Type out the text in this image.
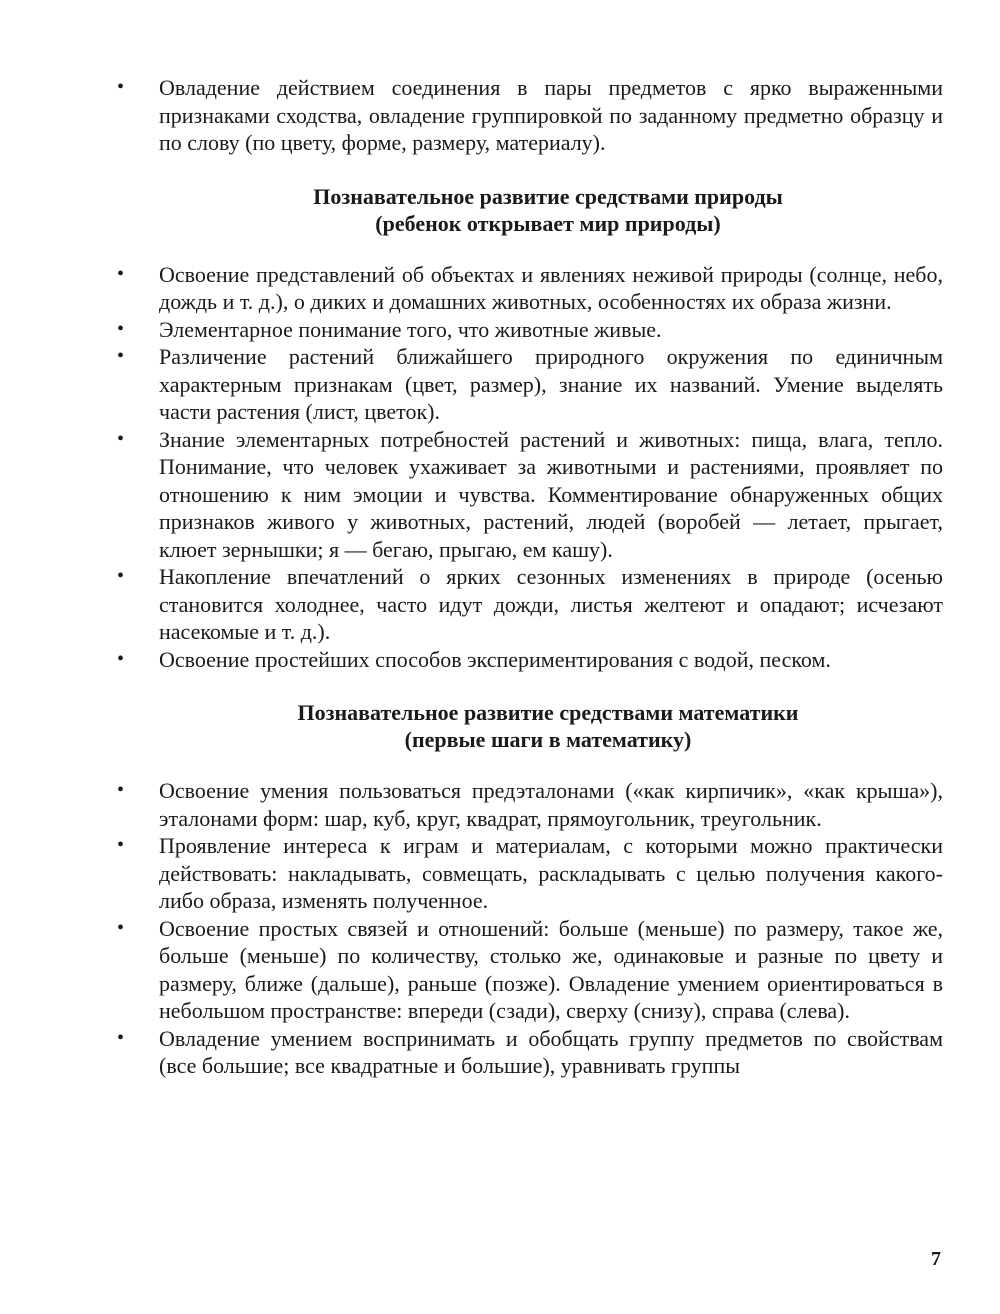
• Овладение действием соединения в пары предметов с ярко выраженными признаками сходства, овладение группировкой по заданному предметно образцу и по слову (по цвету, форме, размеру, материалу).
Познавательное развитие средствами природы
(ребенок открывает мир природы)
• Освоение представлений об объектах и явлениях неживой природы (солнце, небо, дождь и т. д.), о диких и домашних животных, особенностях их образа жизни.
• Элементарное понимание того, что животные живые.
• Различение растений ближайшего природного окружения по единичным характерным признакам (цвет, размер), знание их названий. Умение выделять части растения (лист, цветок).
• Знание элементарных потребностей растений и животных: пища, влага, тепло. Понимание, что человек ухаживает за животными и растениями, проявляет по отношению к ним эмоции и чувства. Комментирование обнаруженных общих признаков живого у животных, растений, людей (воробей — летает, прыгает, клюет зернышки; я — бегаю, прыгаю, ем кашу).
• Накопление впечатлений о ярких сезонных изменениях в природе (осенью становится холоднее, часто идут дожди, листья желтеют и опадают; исчезают насекомые и т. д.).
• Освоение простейших способов экспериментирования с водой, песком.
Познавательное развитие средствами математики
(первые шаги в математику)
• Освоение умения пользоваться предэталонами («как кирпичик», «как крыша»), эталонами форм: шар, куб, круг, квадрат, прямоугольник, треугольник.
• Проявление интереса к играм и материалам, с которыми можно практически действовать: накладывать, совмещать, раскладывать с целью получения какого-либо образа, изменять полученное.
• Освоение простых связей и отношений: больше (меньше) по размеру, такое же, больше (меньше) по количеству, столько же, одинаковые и разные по цвету и размеру, ближе (дальше), раньше (позже). Овладение умением ориентироваться в небольшом пространстве: впереди (сзади), сверху (снизу), справа (слева).
• Овладение умением воспринимать и обобщать группу предметов по свойствам (все большие; все квадратные и большие), уравнивать группы
7
